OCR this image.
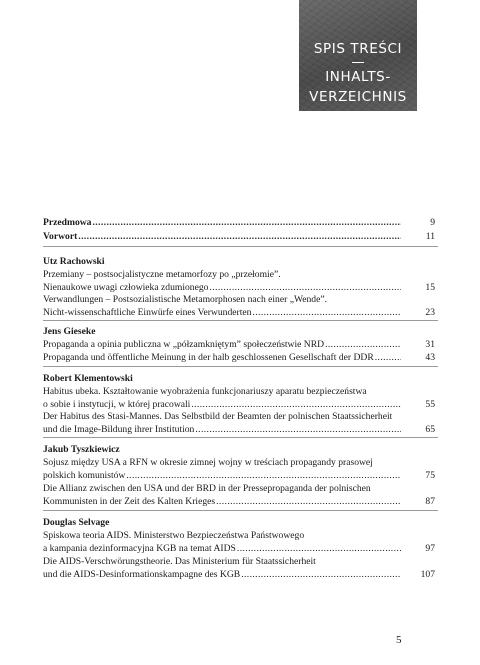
SPIS TREŚCI
INHALTS-
VERZEICHNIS
Przedmowa .....	9
Vorwort .....	11
Utz Rachowski
Przemiany – postsocjalistyczne metamorfozy po „przełomie”.
Nienaukowe uwagi człowieka zdumionego .....	15
Verwandlungen – Postsozialistische Metamorphosen nach einer „Wende”.
Nicht-wissenschaftliche Einwürfe eines Verwunderten .....	23
Jens Gieseke
Propaganda a opinia publiczna w „półzamkniętym” społeczeństwie NRD .....	31
Propaganda und öffentliche Meinung in der halb geschlossenen Gesellschaft der DDR .....	43
Robert Klementowski
Habitus ubeka. Kształtowanie wyobrażenia funkcjonariuszy aparatu bezpieczeństwa
o sobie i instytucji, w której pracowali .....	55
Der Habitus des Stasi-Mannes. Das Selbstbild der Beamten der polnischen Staatssicherheit
und die Image-Bildung ihrer Institution .....	65
Jakub Tyszkiewicz
Sojusz między USA a RFN w okresie zimnej wojny w treściach propagandy prasowej
polskich komunistów .....	75
Die Allianz zwischen den USA und der BRD in der Pressepropaganda der polnischen
Kommunisten in der Zeit des Kalten Krieges .....	87
Douglas Selvage
Spiskowa teoria AIDS. Ministerstwo Bezpieczeństwa Państwowego
a kampania dezinformacyjna KGB na temat AIDS .....	97
Die AIDS-Verschwörungstheorie. Das Ministerium für Staatssicherheit
und die AIDS-Desinformationskampagne des KGB .....	107
5
